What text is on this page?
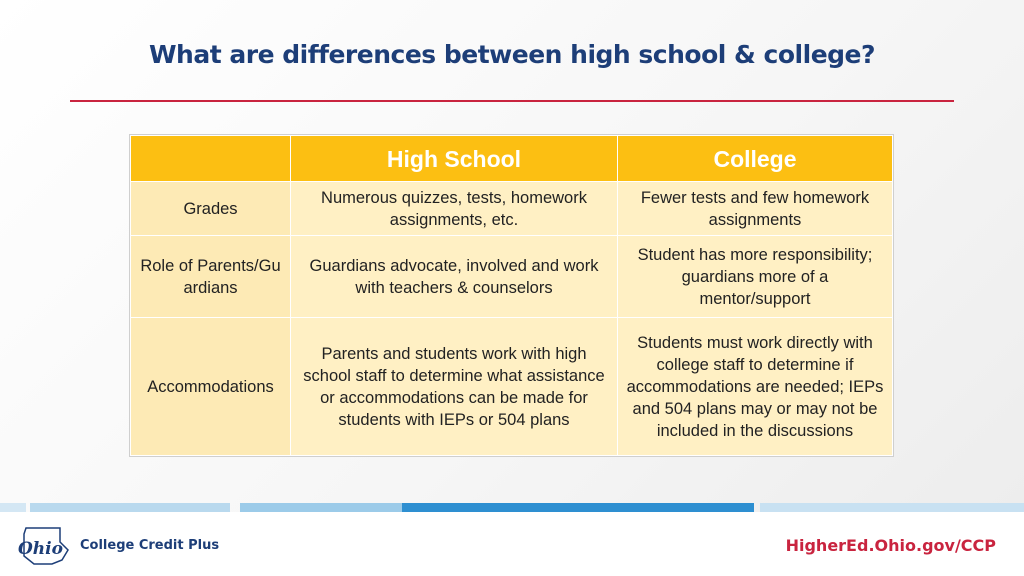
What are differences between high school & college?
	High School	College
Grades	Numerous quizzes, tests, homework assignments, etc.	Fewer tests and few homework assignments
Role of Parents/Guardians	Guardians advocate, involved and work with teachers & counselors	Student has more responsibility; guardians more of a mentor/support
Accommodations	Parents and students work with high school staff to determine what assistance or accommodations can be made for students with IEPs or 504 plans	Students must work directly with college staff to determine if accommodations are needed; IEPs and 504 plans may or may not be included in the discussions
Ohio College Credit Plus	HigherEd.Ohio.gov/CCP
